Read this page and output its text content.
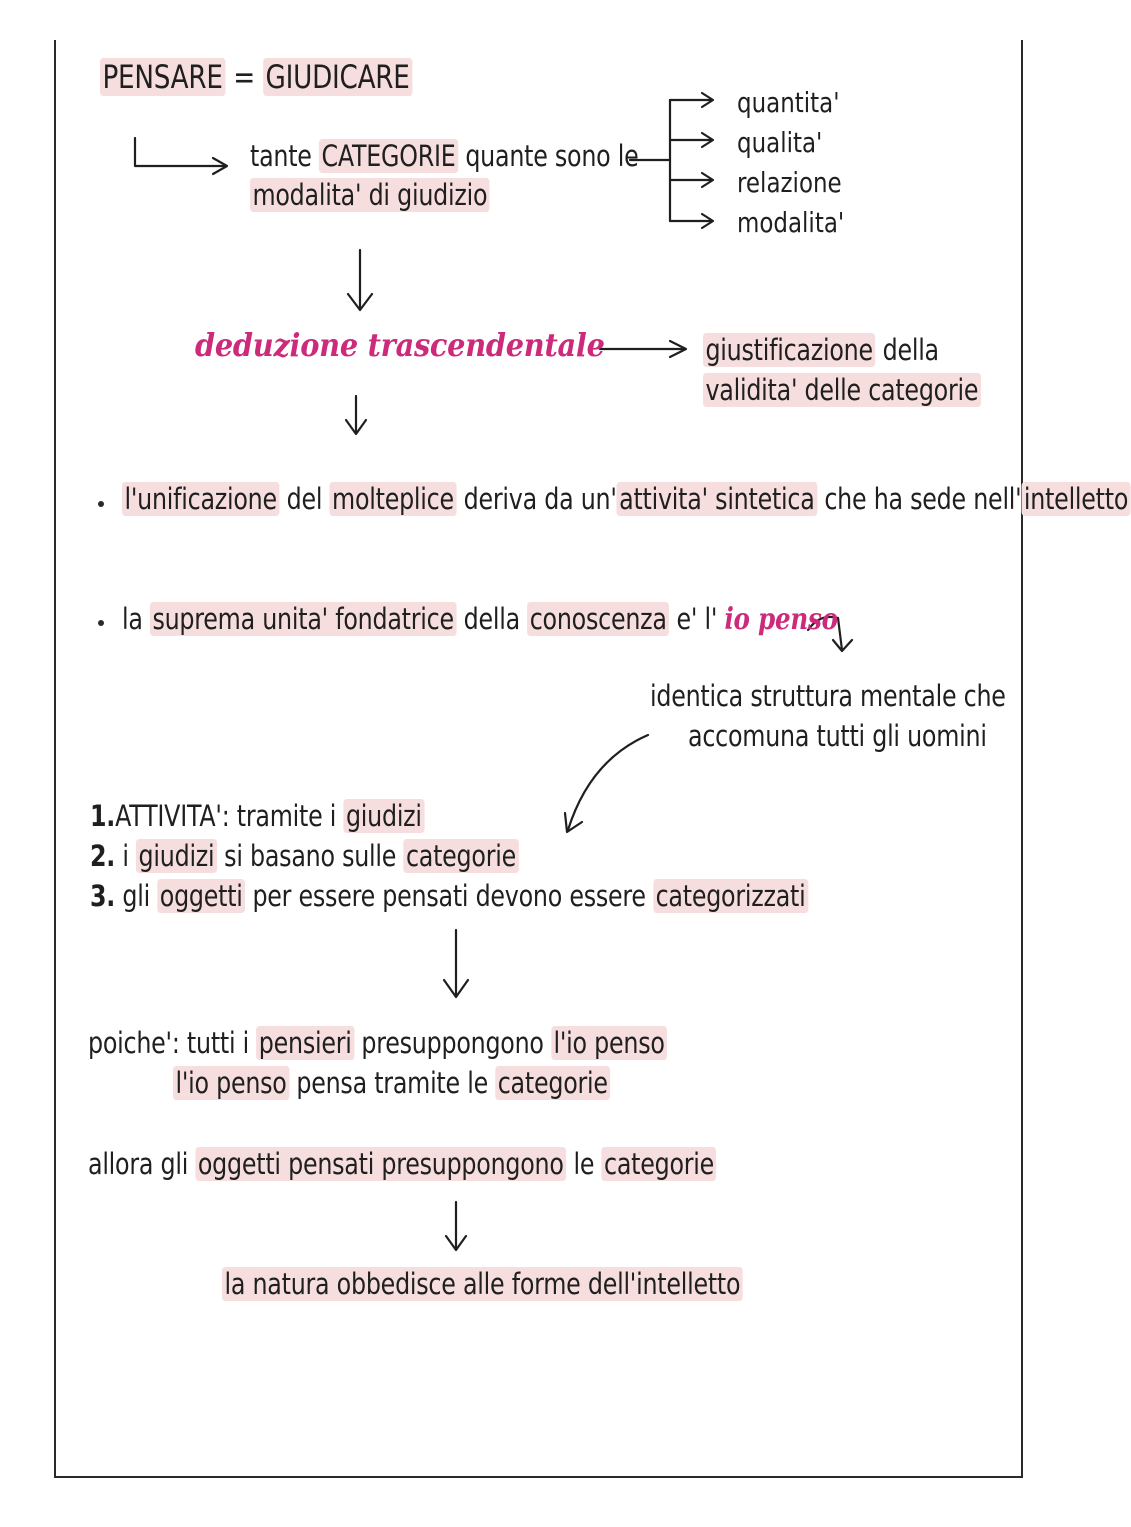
PENSARE = GIUDICARE
tante CATEGORIE quante sono le
modalita' di giudizio
quantita'
qualita'
relazione
modalita'
deduzione trascendentale	giustificazione della
validita' delle categorie
l'unificazione del molteplice deriva da un'attivita' sintetica che ha sede nell'intelletto
la suprema unita' fondatrice della conoscenza e' l' io penso
identica struttura mentale che
accomuna tutti gli uomini
1.ATTIVITA': tramite i giudizi
2. i giudizi si basano sulle categorie
3. gli oggetti per essere pensati devono essere categorizzati
poiche': tutti i pensieri presuppongono l'io penso
l'io penso pensa tramite le categorie
allora gli oggetti pensati presuppongono le categorie
la natura obbedisce alle forme dell'intelletto
